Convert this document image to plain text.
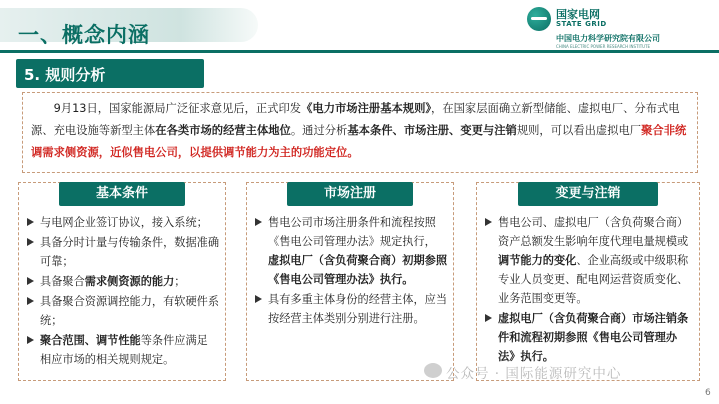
一、概念内涵
国家电网
STATE GRID
中国电力科学研究院有限公司
CHINA ELECTRIC POWER RESEARCH INSTITUTE
5. 规则分析

9月13日，国家能源局广泛征求意见后，正式印发《电力市场注册基本规则》，在国家层面确立新型储能、虚拟电厂、分布式电源、充电设施等新型主体在各类市场的经营主体地位。通过分析基本条件、市场注册、变更与注销规则，可以看出虚拟电厂聚合非统调需求侧资源，近似售电公司，以提供调节能力为主的功能定位。

基本条件
与电网企业签订协议，接入系统；
具备分时计量与传输条件，数据准确可靠；
具备聚合需求侧资源的能力；
具备聚合资源调控能力，有软硬件系统；
聚合范围、调节性能等条件应满足相应市场的相关规则规定。
市场注册
售电公司市场注册条件和流程按照《售电公司管理办法》规定执行，虚拟电厂（含负荷聚合商）初期参照《售电公司管理办法》执行。
具有多重主体身份的经营主体，应当按经营主体类别分别进行注册。
变更与注销
售电公司、虚拟电厂（含负荷聚合商）资产总额发生影响年度代理电量规模或调节能力的变化、企业高级或中级职称专业人员变更、配电网运营资质变化、业务范围变更等。
虚拟电厂（含负荷聚合商）市场注销条件和流程初期参照《售电公司管理办法》执行。
公众号 · 国际能源研究中心
6
